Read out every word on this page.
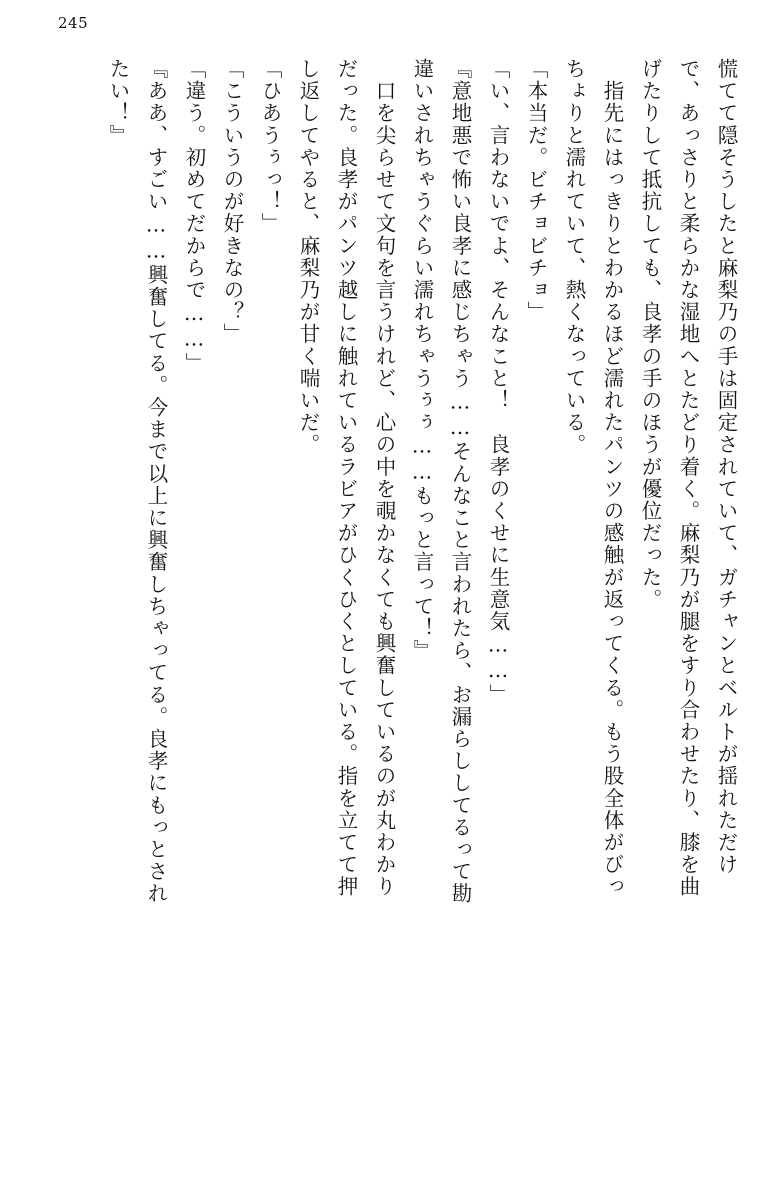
245
慌てて隠そうしたと麻梨乃の手は固定されていて、ガチャンとベルトが揺れただけ
で、あっさりと柔らかな湿地へとたどり着く。麻梨乃が腿をすり合わせたり、膝を曲
げたりして抵抗しても、良孝の手のほうが優位だった。
　指先にはっきりとわかるほど濡れたパンツの感触が返ってくる。もう股全体がびっ
ちょりと濡れていて、熱くなっている。
「本当だ。ビチョビチョ」
「い、言わないでよ、そんなこと！　良孝のくせに生意気……」
『意地悪で怖い良孝に感じちゃう……そんなこと言われたら、お漏らししてるって勘
違いされちゃうぐらい濡れちゃうぅぅ……もっと言って！』
　口を尖らせて文句を言うけれど、心の中を覗かなくても興奮しているのが丸わかり
だった。良孝がパンツ越しに触れているラビアがひくひくとしている。指を立てて押
し返してやると、麻梨乃が甘く喘いだ。
「ひあうぅっ！」
「こういうのが好きなの？」
「違う。初めてだからで……」
『ああ、すごい……興奮してる。今まで以上に興奮しちゃってる。良孝にもっとされ
たい！』
